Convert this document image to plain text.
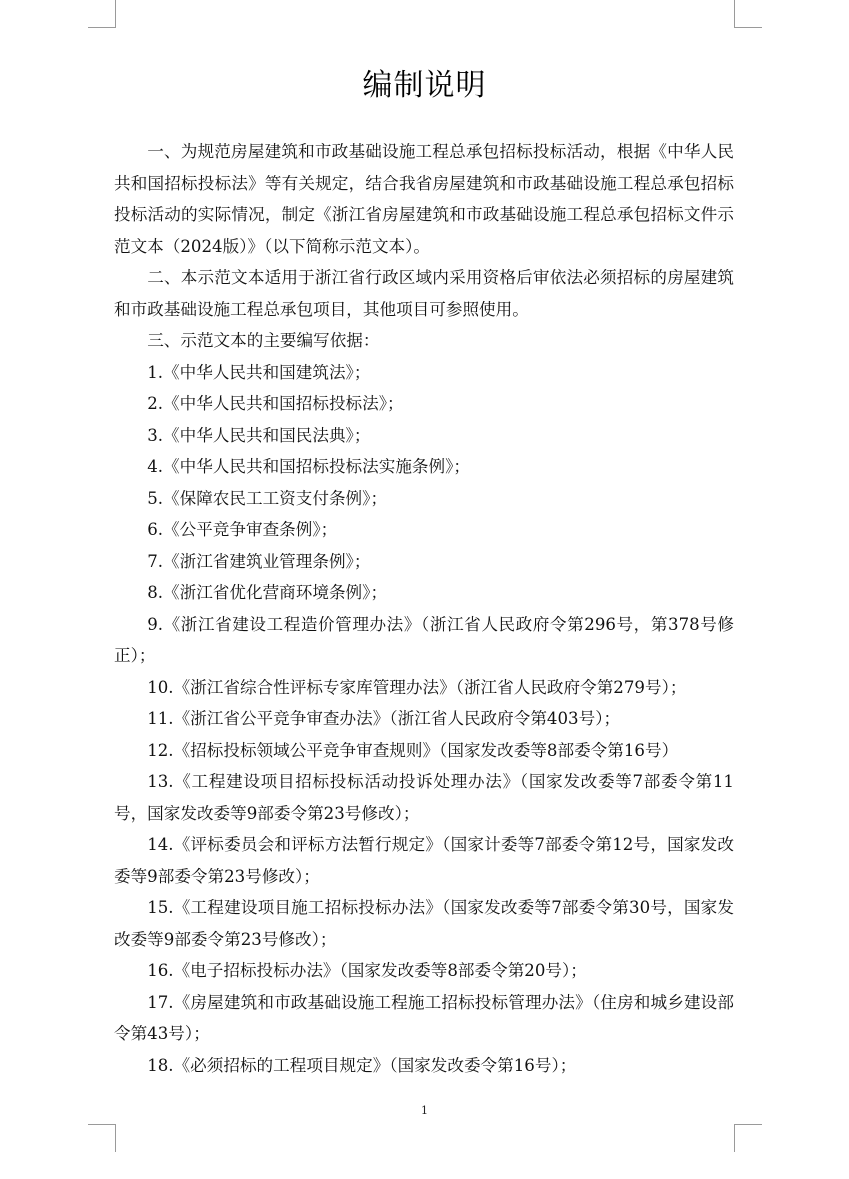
编制说明

一、为规范房屋建筑和市政基础设施工程总承包招标投标活动，根据《中华人民共和国招标投标法》等有关规定，结合我省房屋建筑和市政基础设施工程总承包招标投标活动的实际情况，制定《浙江省房屋建筑和市政基础设施工程总承包招标文件示范文本（2024版）》（以下简称示范文本）。

二、本示范文本适用于浙江省行政区域内采用资格后审依法必须招标的房屋建筑和市政基础设施工程总承包项目，其他项目可参照使用。

三、示范文本的主要编写依据：

1.《中华人民共和国建筑法》；

2.《中华人民共和国招标投标法》；

3.《中华人民共和国民法典》；

4.《中华人民共和国招标投标法实施条例》；

5.《保障农民工工资支付条例》；

6.《公平竞争审查条例》；

7.《浙江省建筑业管理条例》；

8.《浙江省优化营商环境条例》；

9.《浙江省建设工程造价管理办法》（浙江省人民政府令第296号，第378号修正）；

10.《浙江省综合性评标专家库管理办法》（浙江省人民政府令第279号）；

11.《浙江省公平竞争审查办法》（浙江省人民政府令第403号）；

12.《招标投标领域公平竞争审查规则》（国家发改委等8部委令第16号）

13.《工程建设项目招标投标活动投诉处理办法》（国家发改委等7部委令第11号，国家发改委等9部委令第23号修改）；

14.《评标委员会和评标方法暂行规定》（国家计委等7部委令第12号，国家发改委等9部委令第23号修改）；

15.《工程建设项目施工招标投标办法》（国家发改委等7部委令第30号，国家发改委等9部委令第23号修改）；

16.《电子招标投标办法》（国家发改委等8部委令第20号）；

17.《房屋建筑和市政基础设施工程施工招标投标管理办法》（住房和城乡建设部令第43号）；

18.《必须招标的工程项目规定》（国家发改委令第16号）；

1
